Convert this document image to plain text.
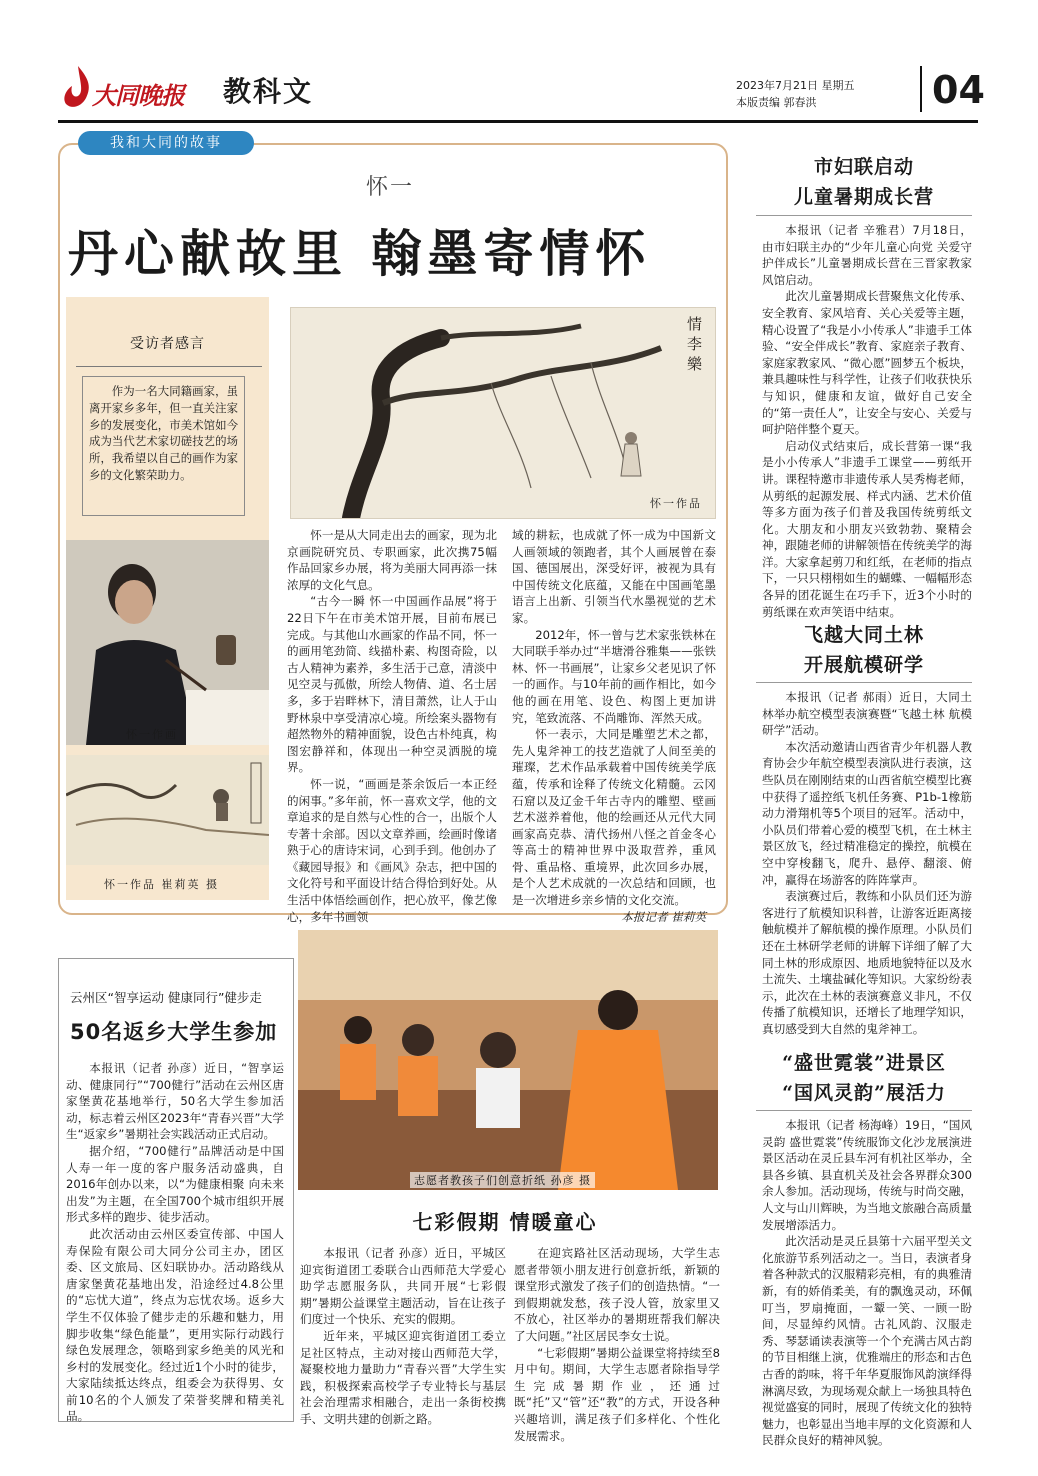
大同晚报 教科文	2023年7月21日 星期五
本版责编 郭春洪	04
我和大同的故事
怀一
丹心献故里 翰墨寄情怀
受访者感言
作为一名大同籍画家，虽离开家乡多年，但一直关注家乡的发展变化，市美术馆如今成为当代艺术家切磋技艺的场所，我希望以自己的画作为家乡的文化繁荣助力。
怀一作画
怀一作品 崔莉英 摄
情 李 樂
怀一作品

怀一是从大同走出去的画家，现为北京画院研究员、专职画家，此次携75幅作品回家乡办展，将为美丽大同再添一抹浓厚的文化气息。

“古今一瞬 怀一中国画作品展”将于22日下午在市美术馆开展，目前布展已完成。与其他山水画家的作品不同，怀一的画用笔劲简、线描朴素、构图奇险，以古人精神为素养，多生活于己意，清淡中见空灵与孤傲，所绘人物倩、道、名士居多，多于岩畔林下，清目萧然，让人于山野林泉中享受清凉心境。所绘案头器物有超然物外的精神面貌，设色古朴纯真，构图宏静祥和，体现出一种空灵洒脱的境界。

怀一说，“画画是茶余饭后一本正经的闲事。”多年前，怀一喜欢文学，他的文章追求的是自然与心性的合一，出版个人专著十余部。因以文章养画，绘画时像诸熟于心的唐诗宋词，心到手到。他创办了《藏园导报》和《画风》杂志，把中国的文化符号和平面设计结合得恰到好处。从生活中体悟绘画创作，把心放平，像艺像心，多年书画领

域的耕耘，也成就了怀一成为中国新文人画领域的领跑者，其个人画展曾在泰国、德国展出，深受好评，被视为具有中国传统文化底蕴，又能在中国画笔墨语言上出新、引领当代水墨视觉的艺术家。

2012年，怀一曾与艺术家张铁林在大同联手举办过“半塘滑谷雅集——张铁林、怀一书画展”，让家乡父老见识了怀一的画作。与10年前的画作相比，如今他的画在用笔、设色、构图上更加讲究，笔致流落、不尚雕饰、浑然天成。

怀一表示，大同是雕塑艺术之都，先人鬼斧神工的技艺造就了人间至美的璀璨，艺术作品承载着中国传统美学底蕴，传承和诠释了传统文化精髓。云冈石窟以及辽金千年古寺内的雕塑、壁画艺术滋养着他，他的绘画还从元代大同画家高克恭、清代扬州八怪之首金冬心等高士的精神世界中汲取营养，重风骨、重品格、重境界，此次回乡办展，是个人艺术成就的一次总结和回顾，也是一次增进乡亲乡情的文化交流。

本报记者 崔莉英
市妇联启动
儿童暑期成长营

本报讯（记者 辛雅君）7月18日，由市妇联主办的“少年儿童心向党 关爱守护伴成长”儿童暑期成长营在三晋家教家风馆启动。

此次儿童暑期成长营聚焦文化传承、安全教育、家风培育、关心关爱等主题，精心设置了“我是小小传承人”非遗手工体验、“安全伴成长”教育、家庭亲子教育、家庭家教家风、“微心愿”圆梦五个板块，兼具趣味性与科学性，让孩子们收获快乐与知识，健康和友谊，做好自己安全的“第一责任人”，让安全与安心、关爱与呵护陪伴整个夏天。

启动仪式结束后，成长营第一课“我是小小传承人”非遗手工课堂——剪纸开讲。课程特邀市非遗传承人吴秀梅老师，从剪纸的起源发展、样式内涵、艺术价值等多方面为孩子们普及我国传统剪纸文化。大朋友和小朋友兴致勃勃、聚精会神，跟随老师的讲解领悟在传统美学的海洋。大家拿起剪刀和红纸，在老师的指点下，一只只栩栩如生的蝴蝶、一幅幅形态各异的团花诞生在巧手下，近3个小时的剪纸课在欢声笑语中结束。

飞越大同土林
开展航模研学

本报讯（记者 郝雨）近日，大同土林举办航空模型表演赛暨“飞越土林 航模研学”活动。

本次活动邀请山西省青少年机器人教育协会少年航空模型表演队进行表演，这些队员在刚刚结束的山西省航空模型比赛中获得了遥控纸飞机任务赛、P1b-1橡筋动力滑翔机等5个项目的冠军。活动中，小队员们带着心爱的模型飞机，在土林主景区放飞，经过精准稳定的操控，航模在空中穿梭翻飞，爬升、悬停、翻滚、俯冲，赢得在场游客的阵阵掌声。

表演赛过后，教练和小队员们还为游客进行了航模知识科普，让游客近距离接触航模并了解航模的操作原理。小队员们还在土林研学老师的讲解下详细了解了大同土林的形成原因、地质地貌特征以及水土流失、土壤盐碱化等知识。大家纷纷表示，此次在土林的表演赛意义非凡，不仅传播了航模知识，还增长了地理学知识，真切感受到大自然的鬼斧神工。

“盛世霓裳”进景区
“国风灵韵”展活力

本报讯（记者 杨海峰）19日，“国风灵韵 盛世霓裳”传统服饰文化沙龙展演进景区活动在灵丘县车河有机社区举办，全县各乡镇、县直机关及社会各界群众300余人参加。活动现场，传统与时尚交融，人文与山川辉映，为当地文旅融合高质量发展增添活力。

此次活动是灵丘县第十六届平型关文化旅游节系列活动之一。当日，表演者身着各种款式的汉服精彩亮相，有的典雅清新，有的娇俏柔美，有的飘逸灵动，环佩叮当，罗扇掩面，一颦一笑、一顾一盼间，尽显绰约风情。古礼风韵、汉服走秀、琴瑟诵读表演等一个个充满古风古韵的节目相继上演，优雅端庄的形态和古色古香的韵味，将千年华夏服饰风韵演绎得淋漓尽致，为现场观众献上一场独具特色视觉盛宴的同时，展现了传统文化的独特魅力，也彰显出当地丰厚的文化资源和人民群众良好的精神风貌。

云州区“智享运动 健康同行”健步走
50名返乡大学生参加

本报讯（记者 孙彦）近日，“智享运动、健康同行”“700健行”活动在云州区唐家堡黄花基地举行，50名大学生参加活动，标志着云州区2023年“青春兴晋”大学生“返家乡”暑期社会实践活动正式启动。

据介绍，“700健行”品牌活动是中国人寿一年一度的客户服务活动盛典，自2016年创办以来，以“为健康相聚 向未来出发”为主题，在全国700个城市组织开展形式多样的跑步、徒步活动。

此次活动由云州区委宣传部、中国人寿保险有限公司大同分公司主办，团区委、区文旅局、区妇联协办。活动路线从唐家堡黄花基地出发，沿途经过4.8公里的“忘忧大道”，终点为忘忧农场。返乡大学生不仅体验了健步走的乐趣和魅力，用脚步收集“绿色能量”，更用实际行动践行绿色发展理念，领略到家乡绝美的风光和乡村的发展变化。经过近1个小时的徒步，大家陆续抵达终点，组委会为获得男、女前10名的个人颁发了荣誉奖牌和精美礼品。

志愿者教孩子们创意折纸 孙彦 摄
七彩假期 情暖童心

本报讯（记者 孙彦）近日，平城区迎宾街道团工委联合山西师范大学爱心助学志愿服务队，共同开展“七彩假期”暑期公益课堂主题活动，旨在让孩子们度过一个快乐、充实的假期。

近年来，平城区迎宾街道团工委立足社区特点，主动对接山西师范大学，凝聚校地力量助力“青春兴晋”大学生实践，积极探索高校学子专业特长与基层社会治理需求相融合，走出一条街校携手、文明共建的创新之路。

在迎宾路社区活动现场，大学生志愿者带领小朋友进行创意折纸，新颖的课堂形式激发了孩子们的创造热情。“一到假期就发愁，孩子没人管，放家里又不放心，社区举办的暑期班帮我们解决了大问题。”社区居民李女士说。

“七彩假期”暑期公益课堂将持续至8月中旬。期间，大学生志愿者除指导学生完成暑期作业，还通过既“托”又“管”还“教”的方式，开设各种兴趣培训，满足孩子们多样化、个性化发展需求。
